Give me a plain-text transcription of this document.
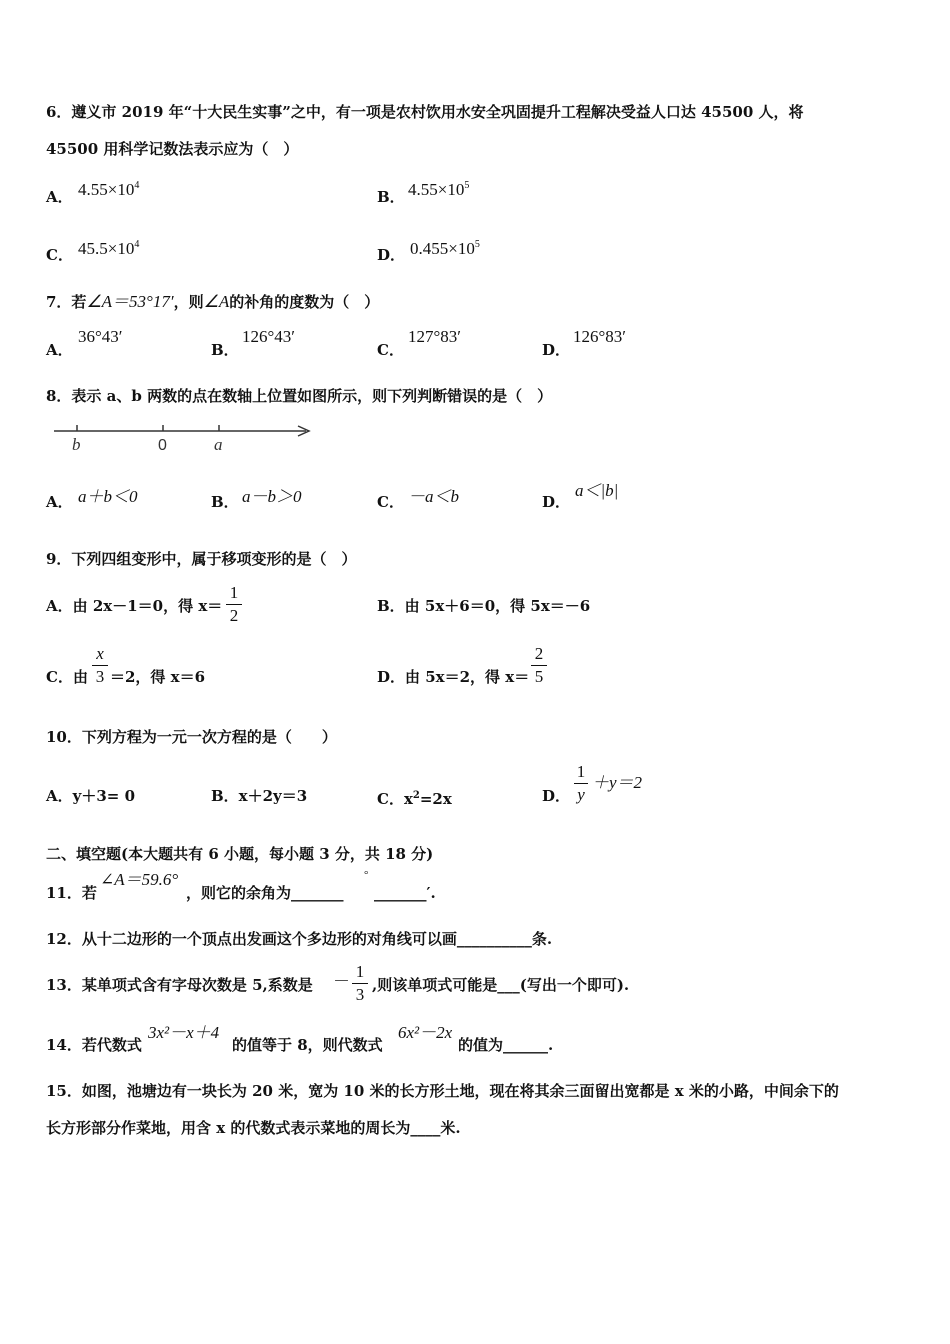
6．遵义市 2019 年“十大民生实事”之中，有一项是农村饮用水安全巩固提升工程解决受益人口达 45500 人，将
45500 用科学记数法表示应为（　）
A． $4.55\times 10^4$
B． $4.55\times 10^5$
C． $45.5\times 10^4$
D． $0.455\times 10^5$
7．若∠A＝53°17′，则∠A的补角的度数为（　）
A．
36°43′
B．
126°43′
C．
127°83′
D．
126°83′
8．表示 a、b 两数的点在数轴上位置如图所示，则下列判断错误的是（　）
b	0	a
A． a＋b＜0	B． a－b＞0	C． －a＜b	D．
a＜|b|
9．下列四组变形中，属于移项变形的是（　）
A．由 2x－1＝0，得 x＝
1
2	B．由 5x＋6＝0，得 5x＝－6
C．由
x
3 ＝2，得 x＝6	D．由 5x＝2，得 x＝
2
5
10．下列方程为一元一次方程的是（　　）
A．y＋3= 0	B．x＋2y＝3	C．$x^2=2x$	D．
1
y
＋y＝2
二、填空题(本大题共有 6 小题，每小题 3 分，共 18 分)
11．若
∠A＝59.6°
，则它的余角为_______
°
_______′.
12．从十二边形的一个顶点出发画这个多边形的对角线可以画__________条.
13．某单项式含有字母次数是 5,系数是 －
1
3 ,则该单项式可能是___(写出一个即可).
14．若代数式
3x²－x＋4
的值等于 8，则代数式
6x²－2x
的值为______.
15．如图，池塘边有一块长为 20 米，宽为 10 米的长方形土地，现在将其余三面留出宽都是 x 米的小路，中间余下的
长方形部分作菜地，用含 x 的代数式表示菜地的周长为____米.
